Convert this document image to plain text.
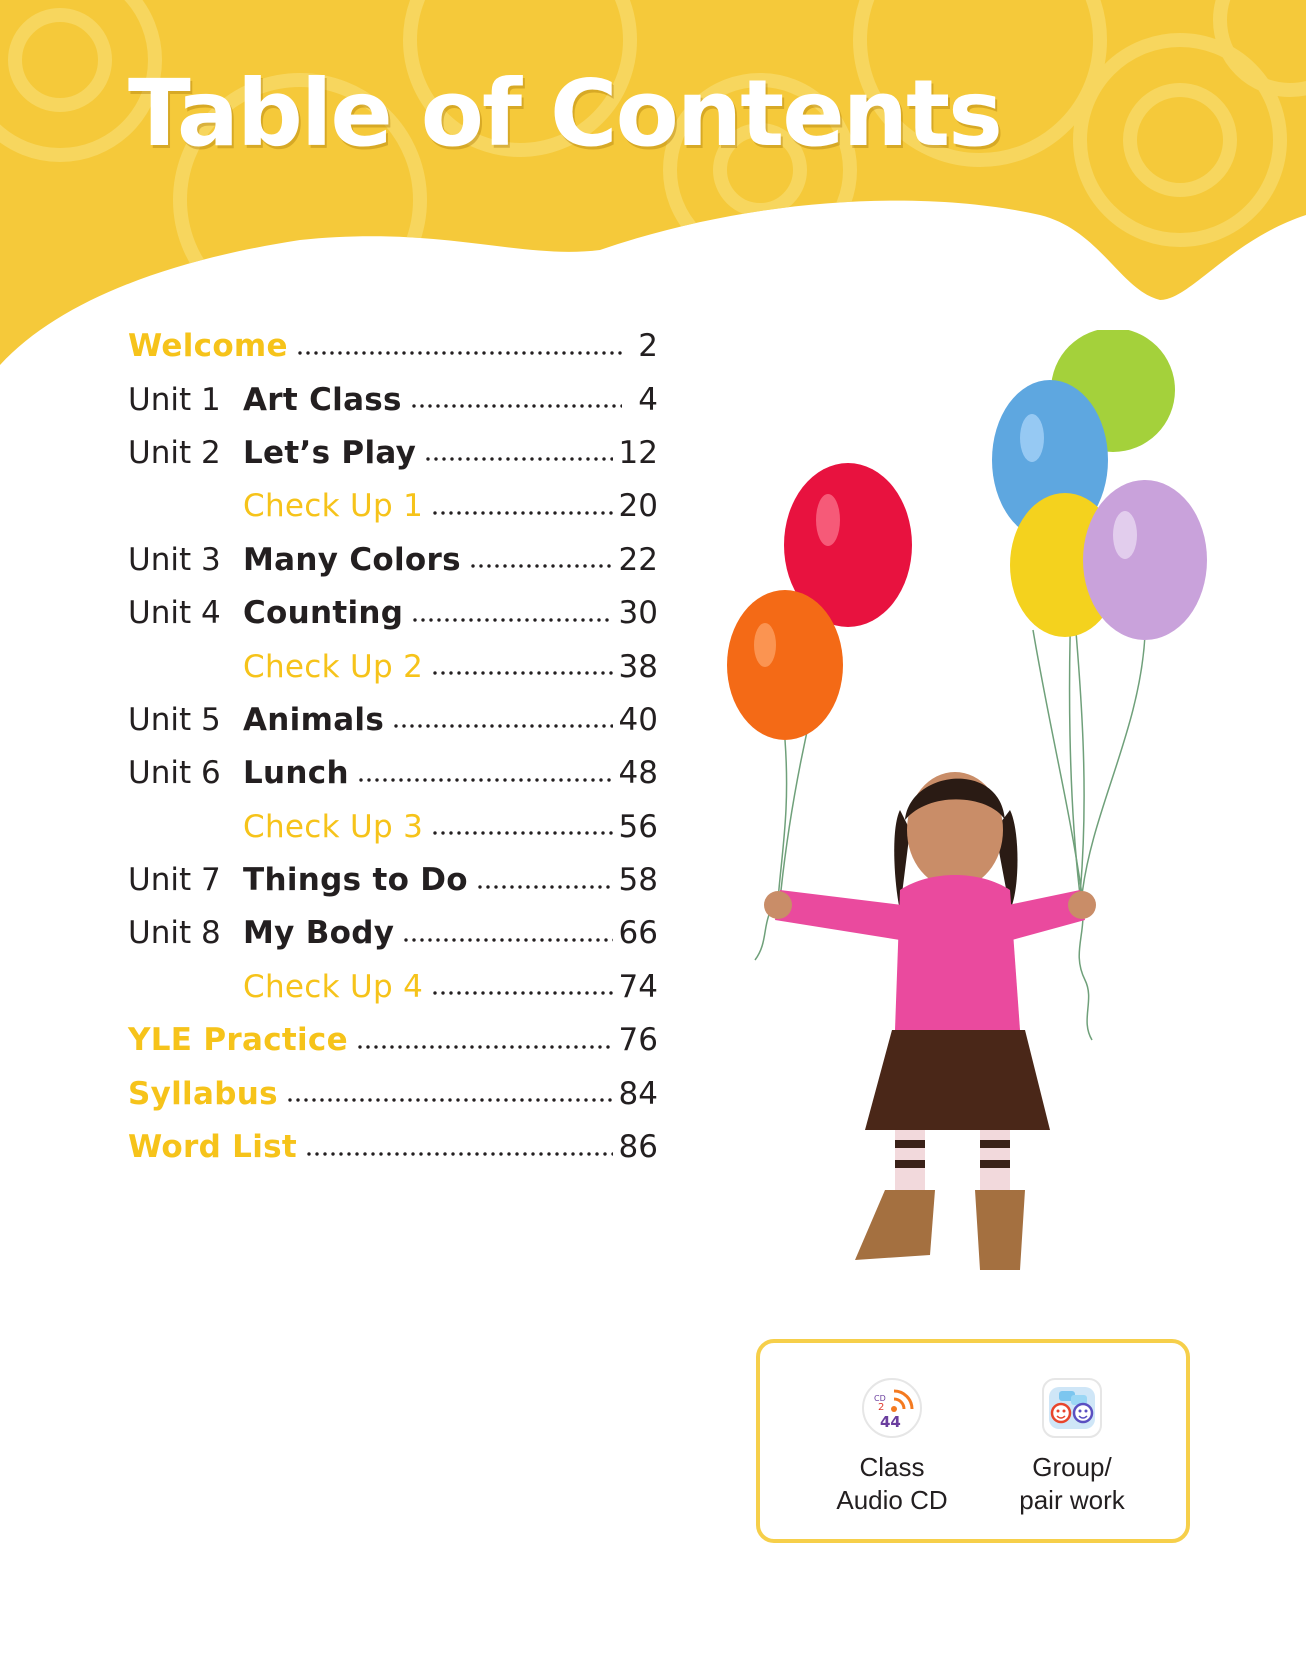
Table of Contents
Welcome	2
Unit 1 Art Class	4
Unit 2 Let’s Play	12
Check Up 1	20
Unit 3 Many Colors	22
Unit 4 Counting	30
Check Up 2	38
Unit 5 Animals	40
Unit 6 Lunch	48
Check Up 3	56
Unit 7 Things to Do	58
Unit 8 My Body	66
Check Up 4	74
YLE Practice	76
Syllabus	84
Word List	86
CD
2
44
Class
Audio CD
Group/
pair work
